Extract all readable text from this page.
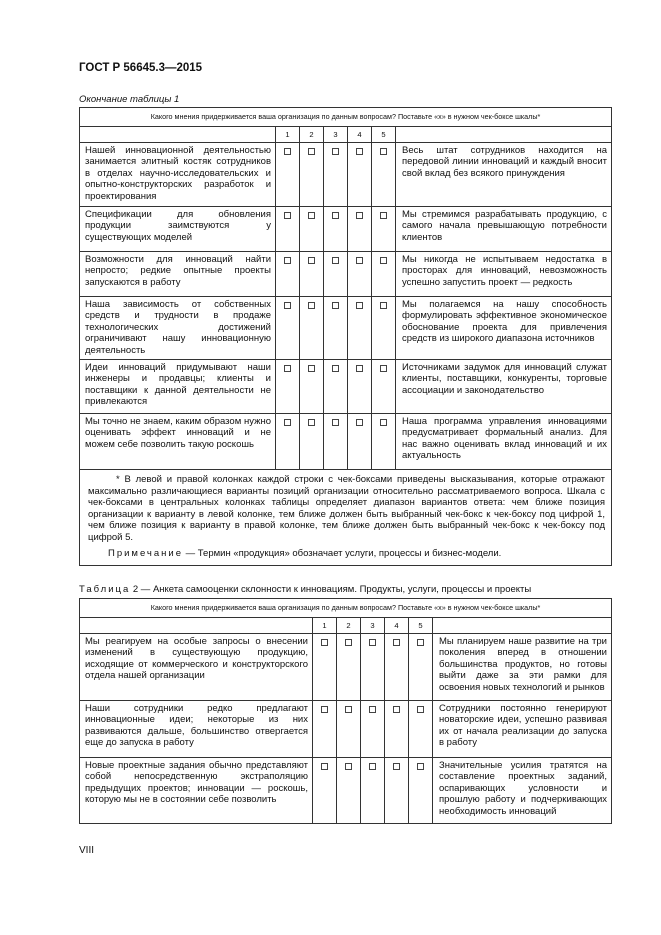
ГОСТ Р 56645.3—2015
Окончание таблицы 1
Какого мнения придерживается ваша организация по данным вопросам? Поставьте «x» в нужном чек-боксе шкалы*						
	1	2	3	4	5	
Нашей инновационной деятельностью занимается элитный костяк сотрудников в отделах научно-исследовательских и опытно-конструкторских разработок и проектирования						Весь штат сотрудников находится на передовой линии инноваций и каждый вносит свой вклад без всякого принуждения
Спецификации для обновления продукции заимствуются у существующих моделей						Мы стремимся разрабатывать продукцию, с самого начала превышающую потребности клиентов
Возможности для инноваций найти непросто; редкие опытные проекты запускаются в работу						Мы никогда не испытываем недостатка в просторах для инноваций, невозможность успешно запустить проект — редкость
Наша зависимость от собственных средств и трудности в продаже технологических достижений ограничивают нашу инновационную деятельность						Мы полагаемся на нашу способность формулировать эффективное экономическое обоснование проекта для привлечения средств из широкого диапазона источников
Идеи инноваций придумывают наши инженеры и продавцы; клиенты и поставщики к данной деятельности не привлекаются						Источниками задумок для инноваций служат клиенты, поставщики, конкуренты, торговые ассоциации и законодательство
Мы точно не знаем, каким образом нужно оценивать эффект инноваций и не можем себе позволить такую роскошь						Наша программа управления инновациями предусматривает формальный анализ. Для нас важно оценивать вклад инноваций и их актуальность

* В левой и правой колонках каждой строки с чек-боксами приведены высказывания, которые отражают максимально различающиеся варианты позиций организации относительно рассматриваемого вопроса. Шкала с чек-боксами в центральных колонках таблицы определяет диапазон вариантов ответа: чем ближе позиция организации к варианту в левой колонке, тем ближе должен быть выбранный чек-бокс к чек-боксу под цифрой 1, чем ближе позиция к варианту в правой колонке, тем ближе должен быть выбранный чек-бокс к чек-боксу под цифрой 5.

Примечание — Термин «продукция» обозначает услуги, процессы и бизнес-модели.						

Таблица 2 — Анкета самооценки склонности к инновациям. Продукты, услуги, процессы и проекты
Какого мнения придерживается ваша организация по данным вопросам? Поставьте «x» в нужном чек-боксе шкалы*						
	1	2	3	4	5	
Мы реагируем на особые запросы о внесении изменений в существующую продукцию, исходящие от коммерческого и конструкторского отдела нашей организации						Мы планируем наше развитие на три поколения вперед в отношении большинства продуктов, но готовы выйти даже за эти рамки для освоения новых технологий и рынков
Наши сотрудники редко предлагают инновационные идеи; некоторые из них развиваются дальше, большинство отвергается еще до запуска в работу						Сотрудники постоянно генерируют новаторские идеи, успешно развивая их от начала реализации до запуска в работу
Новые проектные задания обычно представляют собой непосредственную экстраполяцию предыдущих проектов; инновации — роскошь, которую мы не в состоянии себе позволить						Значительные усилия тратятся на составление проектных заданий, оспаривающих условности и прошлую работу и подчеркивающих необходимость инноваций
VIII
